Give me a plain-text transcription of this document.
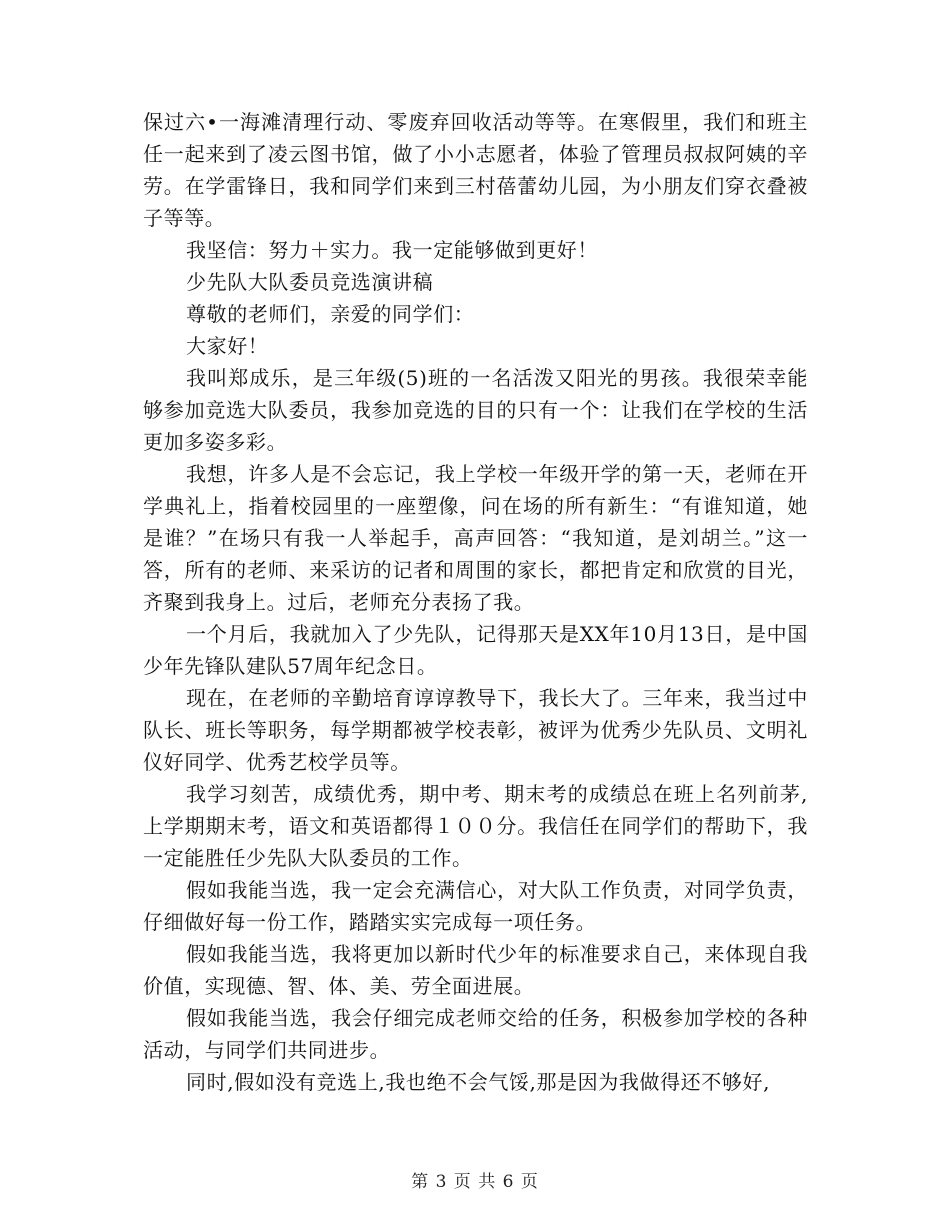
保过六•一海滩清理行动、零废弃回收活动等等。在寒假里，我们和班主任一起来到了凌云图书馆，做了小小志愿者，体验了管理员叔叔阿姨的辛劳。在学雷锋日，我和同学们来到三村蓓蕾幼儿园，为小朋友们穿衣叠被子等等。

我坚信：努力＋实力。我一定能够做到更好！

少先队大队委员竞选演讲稿

尊敬的老师们，亲爱的同学们：

大家好！

我叫郑成乐，是三年级(5)班的一名活泼又阳光的男孩。我很荣幸能够参加竞选大队委员，我参加竞选的目的只有一个：让我们在学校的生活更加多姿多彩。

我想，许多人是不会忘记，我上学校一年级开学的第一天，老师在开学典礼上，指着校园里的一座塑像，问在场的所有新生：“有谁知道，她是谁？”在场只有我一人举起手，高声回答：“我知道，是刘胡兰。”这一答，所有的老师、来采访的记者和周围的家长，都把肯定和欣赏的目光，齐聚到我身上。过后，老师充分表扬了我。

一个月后，我就加入了少先队，记得那天是XX年10月13日，是中国少年先锋队建队57周年纪念日。

现在，在老师的辛勤培育谆谆教导下，我长大了。三年来，我当过中队长、班长等职务，每学期都被学校表彰，被评为优秀少先队员、文明礼仪好同学、优秀艺校学员等。

我学习刻苦，成绩优秀，期中考、期末考的成绩总在班上名列前茅,上学期期末考，语文和英语都得１００分。我信任在同学们的帮助下，我一定能胜任少先队大队委员的工作。

假如我能当选，我一定会充满信心，对大队工作负责，对同学负责，仔细做好每一份工作，踏踏实实完成每一项任务。

假如我能当选，我将更加以新时代少年的标准要求自己，来体现自我价值，实现德、智、体、美、劳全面进展。

假如我能当选，我会仔细完成老师交给的任务，积极参加学校的各种活动，与同学们共同进步。

同时,假如没有竞选上,我也绝不会气馁,那是因为我做得还不够好,

第 3 页 共 6 页
